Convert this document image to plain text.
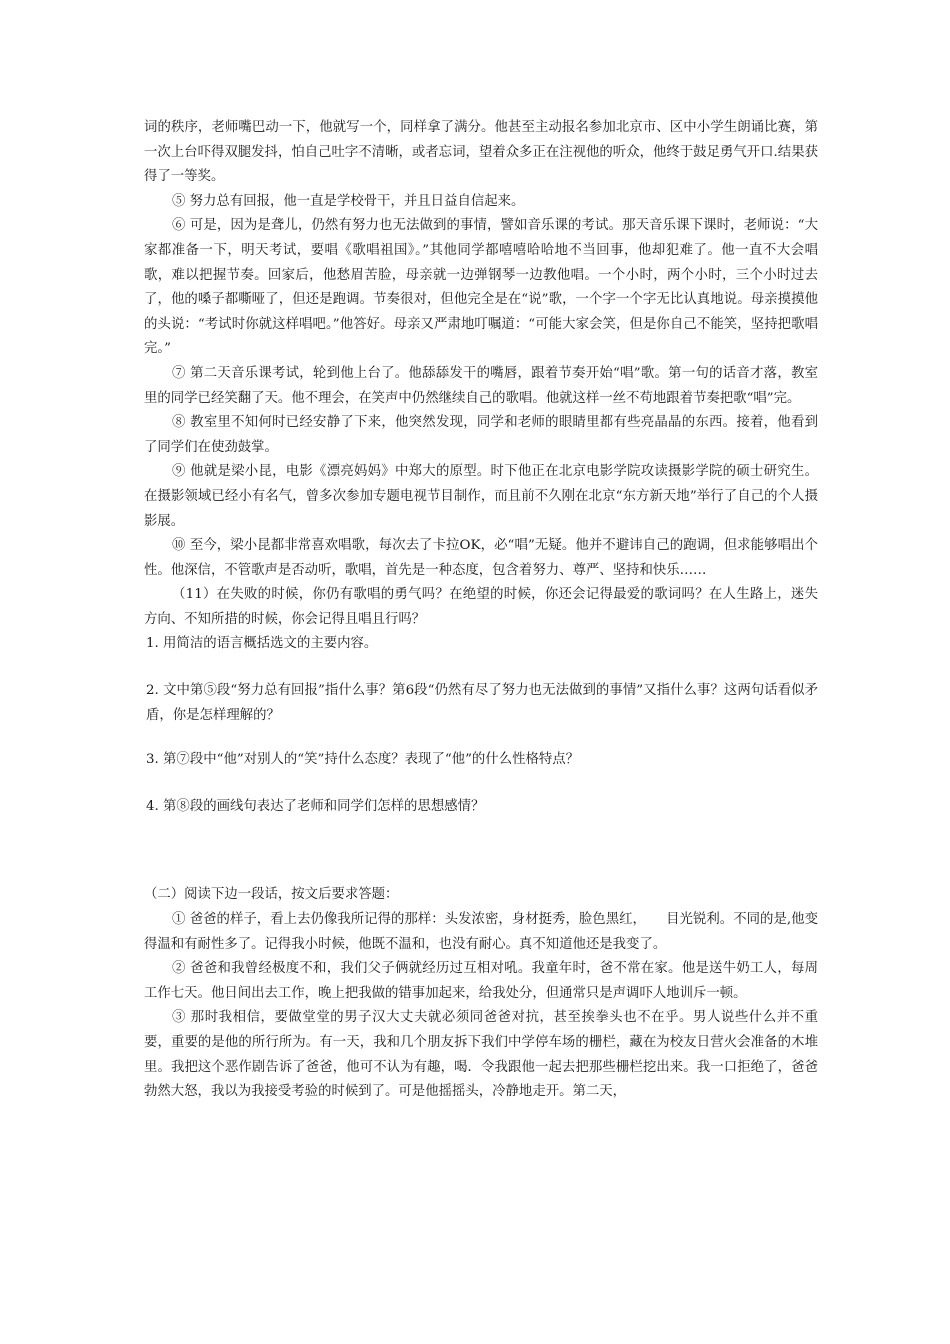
词的秩序，老师嘴巴动一下，他就写一个，同样拿了满分。他甚至主动报名参加北京市、区中小学生朗诵比赛，第一次上台吓得双腿发抖，怕自己吐字不清晰，或者忘词，望着众多正在注视他的听众，他终于鼓足勇气开口.结果获得了一等奖。

⑤ 努力总有回报，他一直是学校骨干，并且日益自信起来。

⑥ 可是，因为是聋儿，仍然有努力也无法做到的事情，譬如音乐课的考试。那天音乐课下课时，老师说：“大家都准备一下，明天考试，要唱《歌唱祖国》。”其他同学都嘻嘻哈哈地不当回事，他却犯难了。他一直不大会唱歌，难以把握节奏。回家后，他愁眉苦脸，母亲就一边弹钢琴一边教他唱。一个小时，两个小时，三个小时过去了，他的嗓子都嘶哑了，但还是跑调。节奏很对，但他完全是在“说”歌，一个字一个字无比认真地说。母亲摸摸他的头说：“考试时你就这样唱吧。”他答好。母亲又严肃地叮嘱道：“可能大家会笑，但是你自己不能笑，坚持把歌唱完。”

⑦ 第二天音乐课考试，轮到他上台了。他舔舔发干的嘴唇，跟着节奏开始“唱”歌。第一句的话音才落，教室里的同学已经笑翻了天。他不理会，在笑声中仍然继续自己的歌唱。他就这样一丝不苟地跟着节奏把歌“唱”完。

⑧ 教室里不知何时已经安静了下来，他突然发现，同学和老师的眼睛里都有些亮晶晶的东西。接着，他看到了同学们在使劲鼓掌。

⑨ 他就是梁小昆，电影《漂亮妈妈》中郑大的原型。时下他正在北京电影学院攻读摄影学院的硕士研究生。在摄影领域已经小有名气，曾多次参加专题电视节目制作，而且前不久刚在北京“东方新天地”举行了自己的个人摄影展。

⑩ 至今，梁小昆都非常喜欢唱歌，每次去了卡拉OK，必“唱”无疑。他并不避讳自己的跑调，但求能够唱出个性。他深信，不管歌声是否动听，歌唱，首先是一种态度，包含着努力、尊严、坚持和快乐……

（11）在失败的时候，你仍有歌唱的勇气吗？在绝望的时候，你还会记得最爱的歌词吗？在人生路上，迷失方向、不知所措的时候，你会记得且唱且行吗？

1. 用简洁的语言概括选文的主要内容。

2. 文中第⑤段“努力总有回报”指什么事？第6段“仍然有尽了努力也无法做到的事情”又指什么事？这两句话看似矛盾，你是怎样理解的？

3. 第⑦段中“他”对别人的“笑”持什么态度？表现了“他”的什么性格特点？

4. 第⑧段的画线句表达了老师和同学们怎样的思想感情？

（二）阅读下边一段话，按文后要求答题：

① 爸爸的样子，看上去仍像我所记得的那样：头发浓密，身材挺秀，脸色黑红，　　目光锐利。不同的是,他变得温和有耐性多了。记得我小时候，他既不温和，也没有耐心。真不知道他还是我变了。

② 爸爸和我曾经极度不和，我们父子俩就经历过互相对吼。我童年时，爸不常在家。他是送牛奶工人，每周工作七天。他日间出去工作，晚上把我做的错事加起来，给我处分，但通常只是声调吓人地训斥一顿。

③ 那时我相信，要做堂堂的男子汉大丈夫就必须同爸爸对抗，甚至挨拳头也不在乎。男人说些什么并不重要，重要的是他的所行所为。有一天，我和几个朋友拆下我们中学停车场的栅栏，藏在为校友日营火会准备的木堆里。我把这个恶作剧告诉了爸爸，他可不认为有趣，喝．令我跟他一起去把那些栅栏挖出来。我一口拒绝了，爸爸勃然大怒，我以为我接受考验的时候到了。可是他摇摇头，冷静地走开。第二天，
